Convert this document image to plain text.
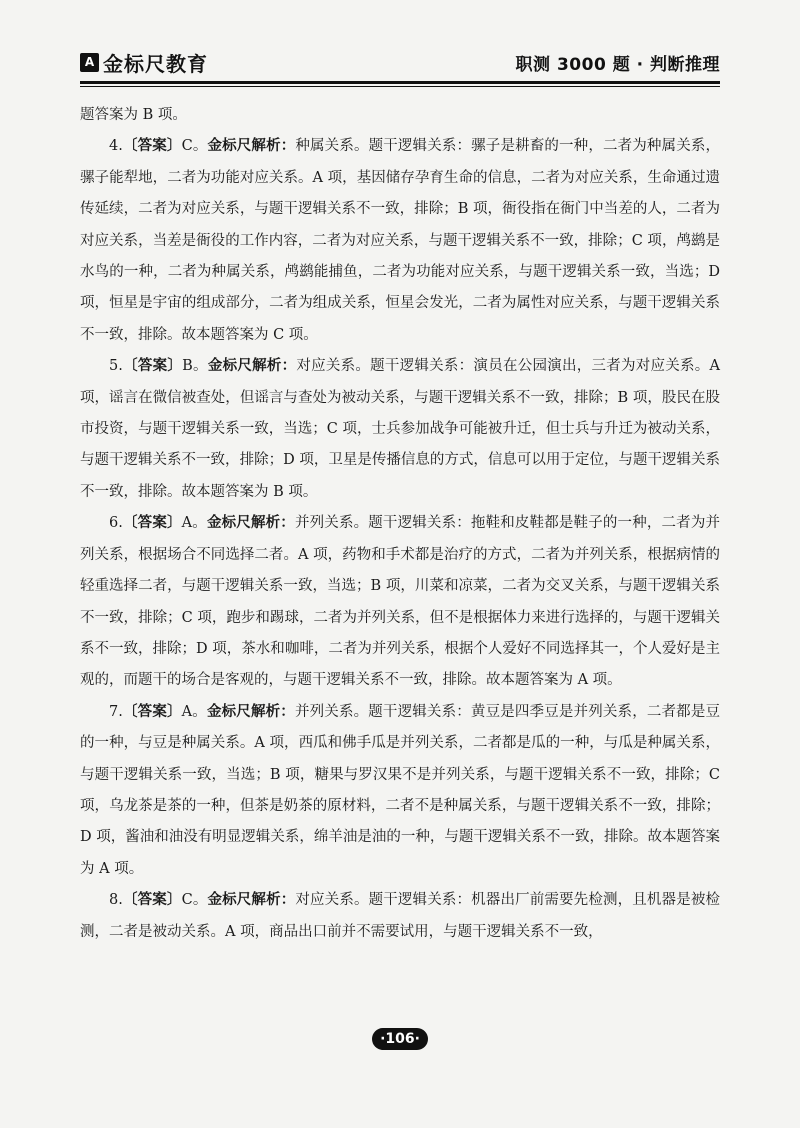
A 金标尺教育	职测 3000 题 · 判断推理

题答案为 B 项。

4.〔答案〕C。金标尺解析：种属关系。题干逻辑关系：骡子是耕畜的一种，二者为种属关系，骡子能犁地，二者为功能对应关系。A 项，基因储存孕育生命的信息，二者为对应关系，生命通过遗传延续，二者为对应关系，与题干逻辑关系不一致，排除；B 项，衙役指在衙门中当差的人，二者为对应关系，当差是衙役的工作内容，二者为对应关系，与题干逻辑关系不一致，排除；C 项，鸬鹚是水鸟的一种，二者为种属关系，鸬鹚能捕鱼，二者为功能对应关系，与题干逻辑关系一致，当选；D 项，恒星是宇宙的组成部分，二者为组成关系，恒星会发光，二者为属性对应关系，与题干逻辑关系不一致，排除。故本题答案为 C 项。

5.〔答案〕B。金标尺解析：对应关系。题干逻辑关系：演员在公园演出，三者为对应关系。A 项，谣言在微信被查处，但谣言与查处为被动关系，与题干逻辑关系不一致，排除；B 项，股民在股市投资，与题干逻辑关系一致，当选；C 项，士兵参加战争可能被升迁，但士兵与升迁为被动关系，与题干逻辑关系不一致，排除；D 项，卫星是传播信息的方式，信息可以用于定位，与题干逻辑关系不一致，排除。故本题答案为 B 项。

6.〔答案〕A。金标尺解析：并列关系。题干逻辑关系：拖鞋和皮鞋都是鞋子的一种，二者为并列关系，根据场合不同选择二者。A 项，药物和手术都是治疗的方式，二者为并列关系，根据病情的轻重选择二者，与题干逻辑关系一致，当选；B 项，川菜和凉菜，二者为交叉关系，与题干逻辑关系不一致，排除；C 项，跑步和踢球，二者为并列关系，但不是根据体力来进行选择的，与题干逻辑关系不一致，排除；D 项，茶水和咖啡，二者为并列关系，根据个人爱好不同选择其一，个人爱好是主观的，而题干的场合是客观的，与题干逻辑关系不一致，排除。故本题答案为 A 项。

7.〔答案〕A。金标尺解析：并列关系。题干逻辑关系：黄豆是四季豆是并列关系，二者都是豆的一种，与豆是种属关系。A 项，西瓜和佛手瓜是并列关系，二者都是瓜的一种，与瓜是种属关系，与题干逻辑关系一致，当选；B 项，糖果与罗汉果不是并列关系，与题干逻辑关系不一致，排除；C 项，乌龙茶是茶的一种，但茶是奶茶的原材料，二者不是种属关系，与题干逻辑关系不一致，排除；D 项，酱油和油没有明显逻辑关系，绵羊油是油的一种，与题干逻辑关系不一致，排除。故本题答案为 A 项。

8.〔答案〕C。金标尺解析：对应关系。题干逻辑关系：机器出厂前需要先检测，且机器是被检测，二者是被动关系。A 项，商品出口前并不需要试用，与题干逻辑关系不一致，

·106·
